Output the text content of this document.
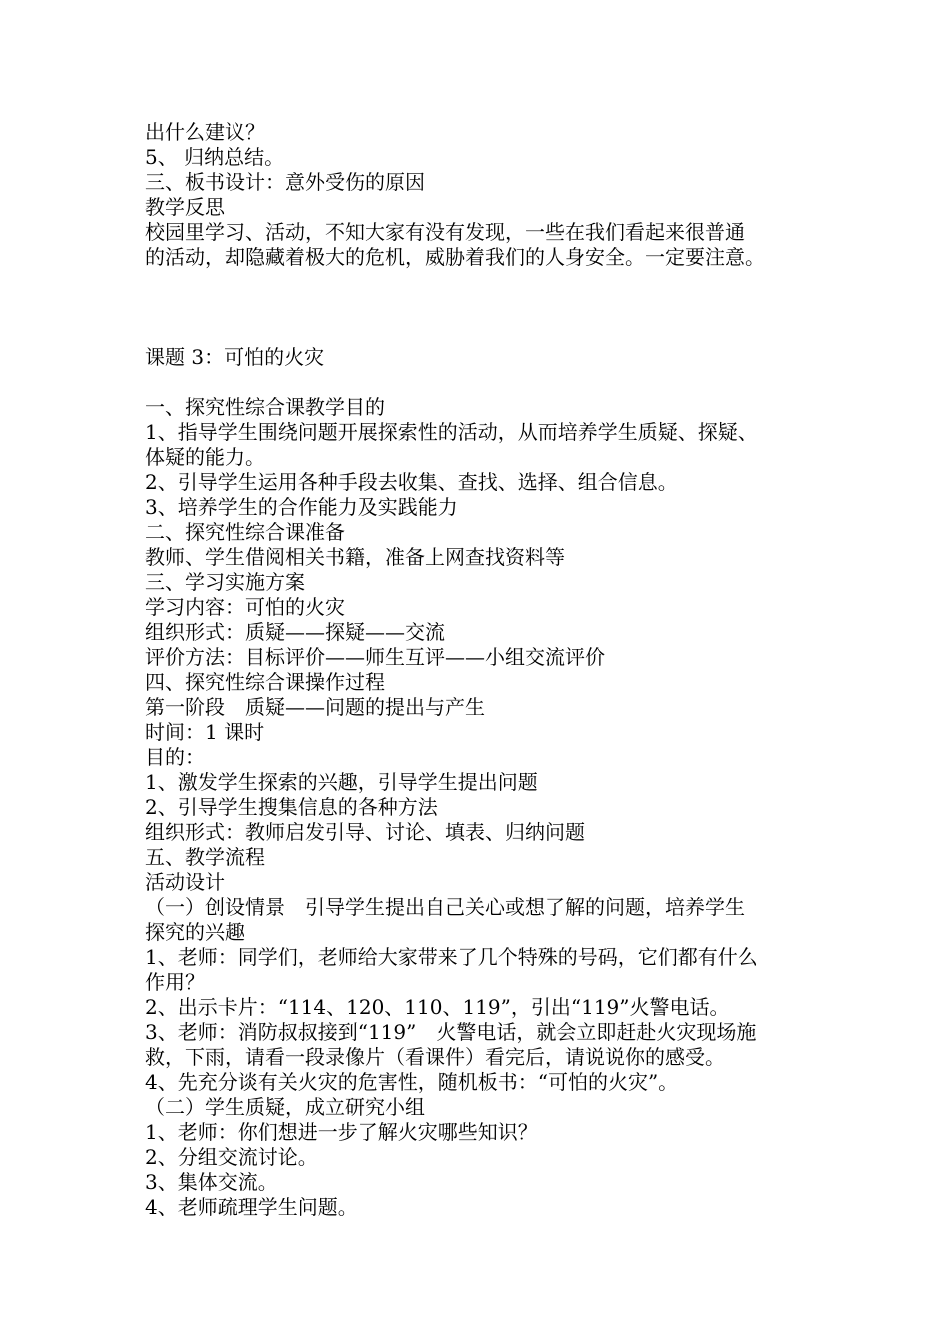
出什么建议？
5、 归纳总结。
三、板书设计：意外受伤的原因
教学反思
校园里学习、活动，不知大家有没有发现，一些在我们看起来很普通
的活动，却隐藏着极大的危机，威胁着我们的人身安全。一定要注意。
课题 3：可怕的火灾
一、探究性综合课教学目的
1、指导学生围绕问题开展探索性的活动，从而培养学生质疑、探疑、
体疑的能力。
2、引导学生运用各种手段去收集、查找、选择、组合信息。
3、培养学生的合作能力及实践能力
二、探究性综合课准备
教师、学生借阅相关书籍，准备上网查找资料等
三、学习实施方案
学习内容：可怕的火灾
组织形式：质疑——探疑——交流
评价方法：目标评价——师生互评——小组交流评价
四、探究性综合课操作过程
第一阶段　质疑——问题的提出与产生
时间：1 课时
目的：
1、激发学生探索的兴趣，引导学生提出问题
2、引导学生搜集信息的各种方法
组织形式：教师启发引导、讨论、填表、归纳问题
五、教学流程
活动设计
（一）创设情景　引导学生提出自己关心或想了解的问题，培养学生
探究的兴趣
1、老师：同学们，老师给大家带来了几个特殊的号码，它们都有什么
作用？
2、出示卡片：“114、120、110、119”，引出“119”火警电话。
3、老师：消防叔叔接到“119”　火警电话，就会立即赶赴火灾现场施
救，下雨，请看一段录像片（看课件）看完后，请说说你的感受。
4、先充分谈有关火灾的危害性，随机板书：“可怕的火灾”。
（二）学生质疑，成立研究小组
1、老师：你们想进一步了解火灾哪些知识？
2、分组交流讨论。
3、集体交流。
4、老师疏理学生问题。
